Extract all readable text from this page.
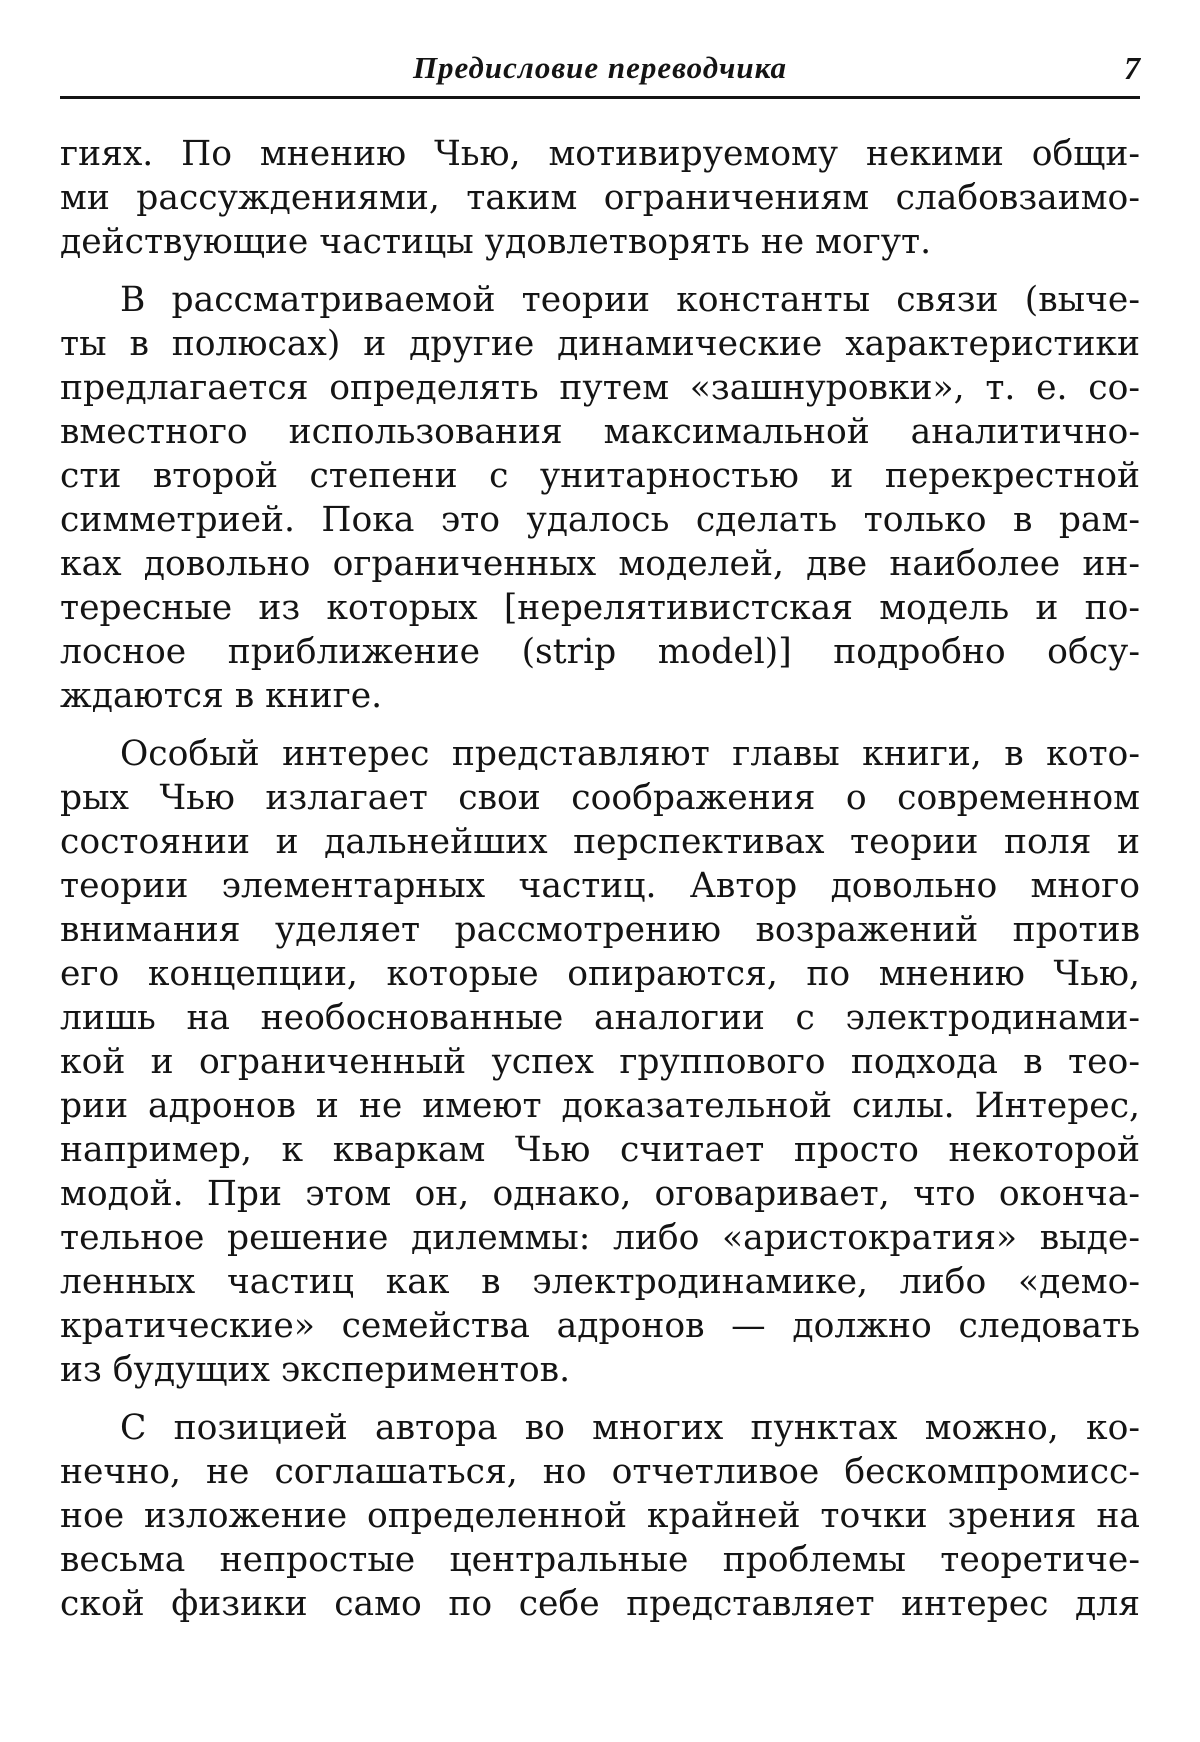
Предисловие переводчика	7

гиях. По мнению Чью, мотивируемому некими общи-
ми рассуждениями, таким ограничениям слабовзаимо-
действующие частицы удовлетворять не могут.

В рассматриваемой теории константы связи (выче-
ты в полюсах) и другие динамические характеристики
предлагается определять путем «зашнуровки», т. е. со-
вместного использования максимальной аналитично-
сти второй степени с унитарностью и перекрестной
симметрией. Пока это удалось сделать только в рам-
ках довольно ограниченных моделей, две наиболее ин-
тересные из которых [нерелятивистская модель и по-
лосное приближение (strip model)] подробно обсу-
ждаются в книге.

Особый интерес представляют главы книги, в кото-
рых Чью излагает свои соображения о современном
состоянии и дальнейших перспективах теории поля и
теории элементарных частиц. Автор довольно много
внимания уделяет рассмотрению возражений против
его концепции, которые опираются, по мнению Чью,
лишь на необоснованные аналогии с электродинами-
кой и ограниченный успех группового подхода в тео-
рии адронов и не имеют доказательной силы. Интерес,
например, к кваркам Чью считает просто некоторой
модой. При этом он, однако, оговаривает, что оконча-
тельное решение дилеммы: либо «аристократия» выде-
ленных частиц как в электродинамике, либо «демо-
кратические» семейства адронов — должно следовать
из будущих экспериментов.

С позицией автора во многих пунктах можно, ко-
нечно, не соглашаться, но отчетливое бескомпромисс-
ное изложение определенной крайней точки зрения на
весьма непростые центральные проблемы теоретиче-
ской физики само по себе представляет интерес для
